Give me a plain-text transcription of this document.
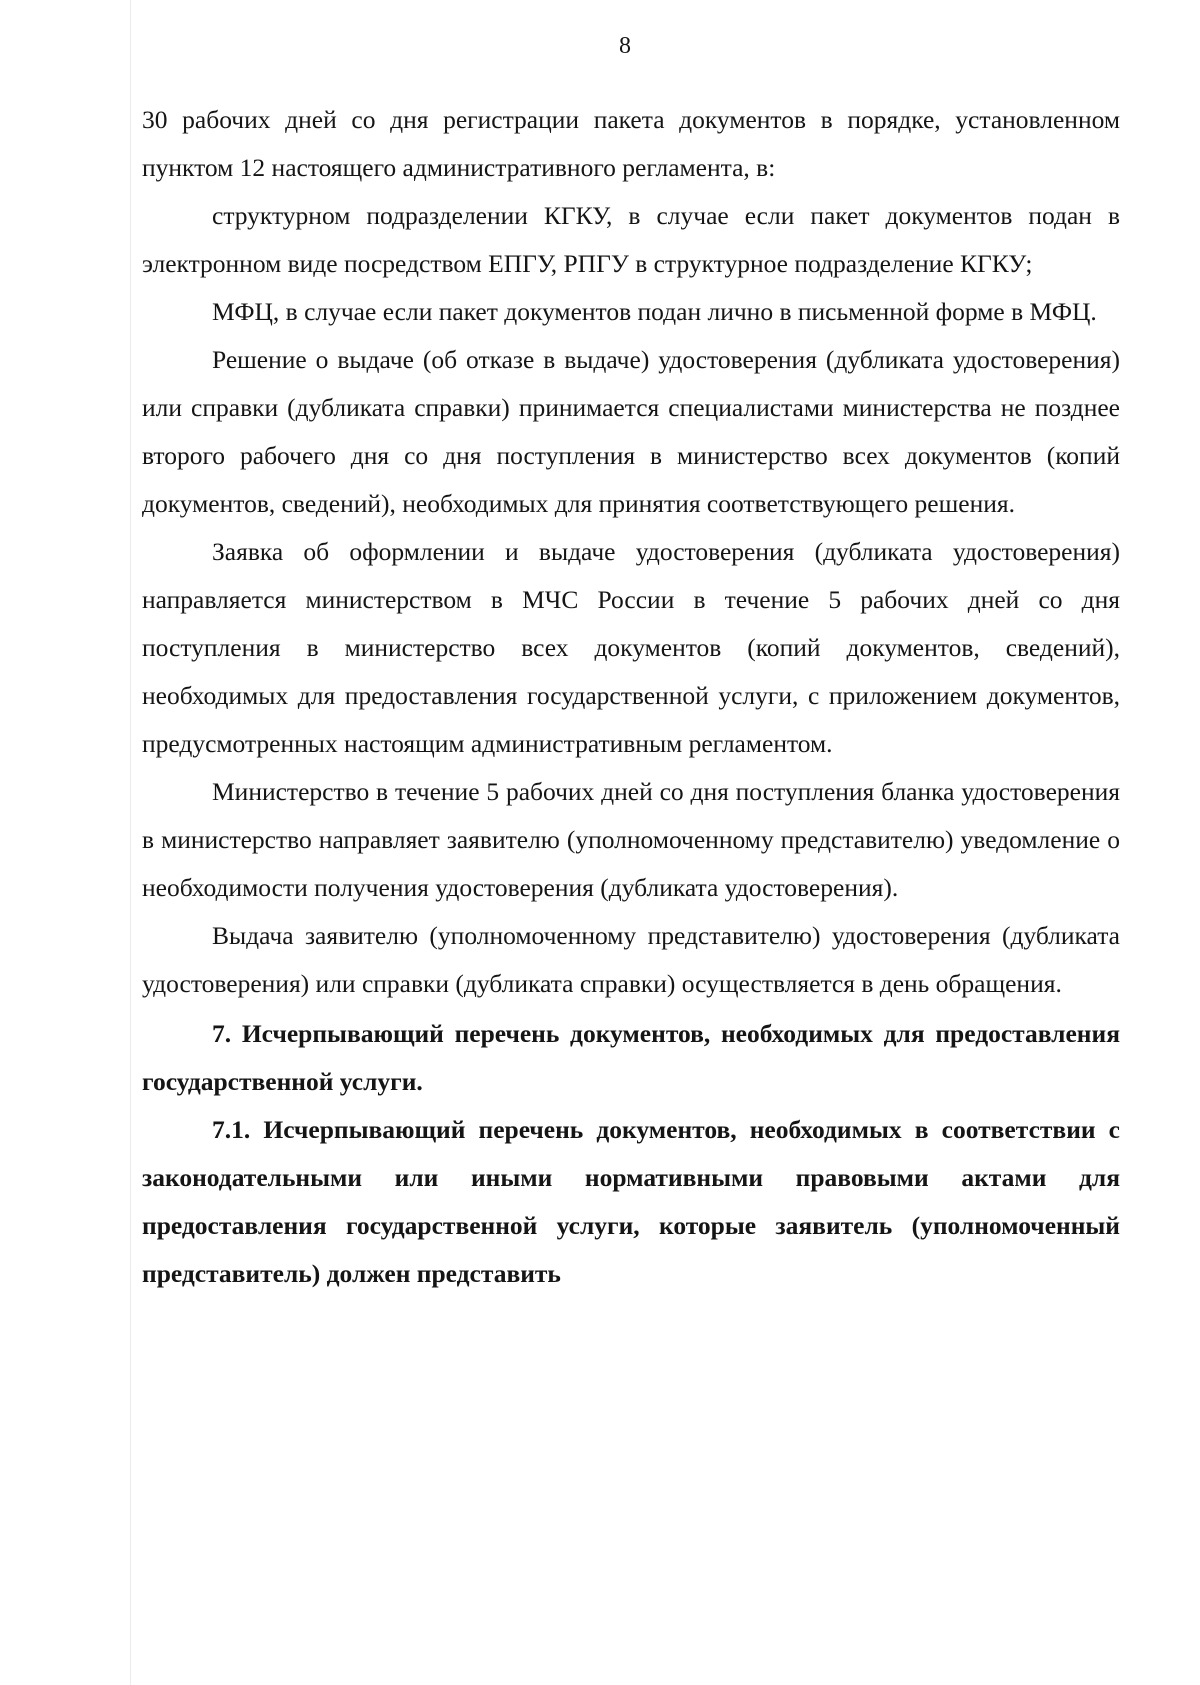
8

30 рабочих дней со дня регистрации пакета документов в порядке, установленном пунктом 12 настоящего административного регламента, в:

структурном подразделении КГКУ, в случае если пакет документов подан в электронном виде посредством ЕПГУ, РПГУ в структурное подразделение КГКУ;

МФЦ, в случае если пакет документов подан лично в письменной форме в МФЦ.

Решение о выдаче (об отказе в выдаче) удостоверения (дубликата удостоверения) или справки (дубликата справки) принимается специалистами министерства не позднее второго рабочего дня со дня поступления в министерство всех документов (копий документов, сведений), необходимых для принятия соответствующего решения.

Заявка об оформлении и выдаче удостоверения (дубликата удостоверения) направляется министерством в МЧС России в течение 5 рабочих дней со дня поступления в министерство всех документов (копий документов, сведений), необходимых для предоставления государственной услуги, с приложением документов, предусмотренных настоящим административным регламентом.

Министерство в течение 5 рабочих дней со дня поступления бланка удостоверения в министерство направляет заявителю (уполномоченному представителю) уведомление о необходимости получения удостоверения (дубликата удостоверения).

Выдача заявителю (уполномоченному представителю) удостоверения (дубликата удостоверения) или справки (дубликата справки) осуществляется в день обращения.

7. Исчерпывающий перечень документов, необходимых для предоставления государственной услуги.

7.1. Исчерпывающий перечень документов, необходимых в соответствии с законодательными или иными нормативными правовыми актами для предоставления государственной услуги, которые заявитель (уполномоченный представитель) должен представить
